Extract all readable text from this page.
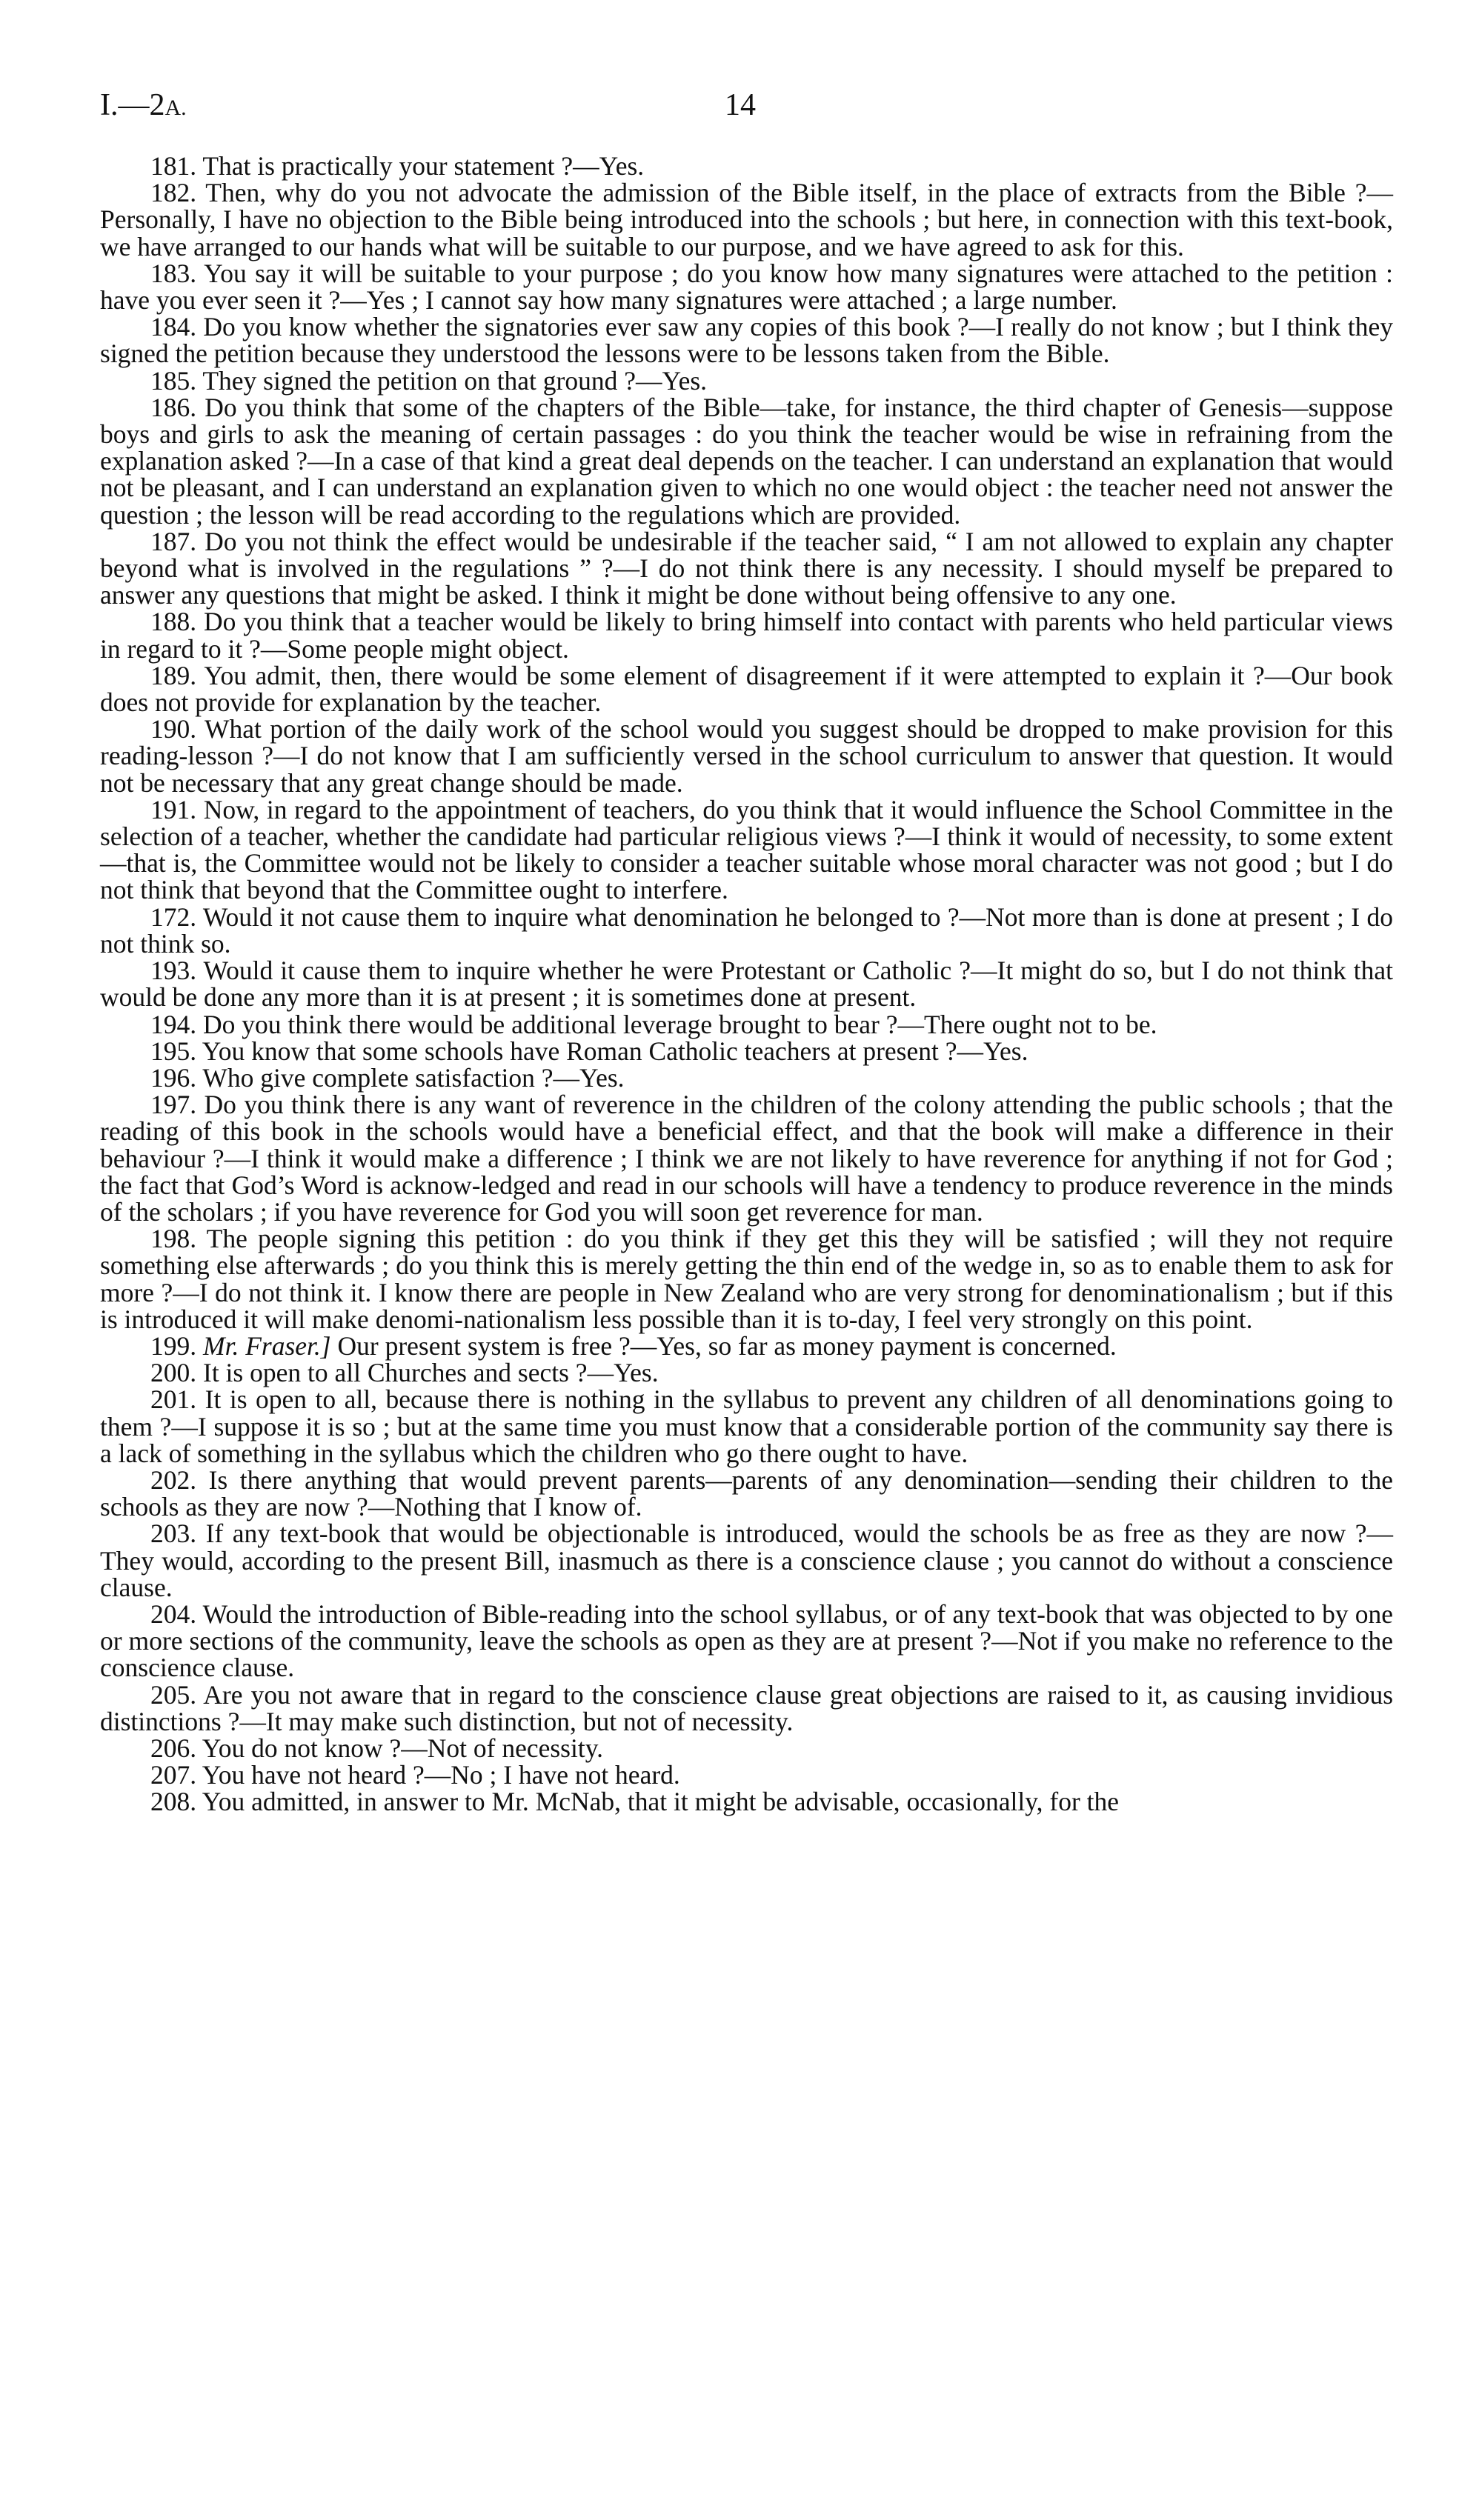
I.—2A.	14

181. That is practically your statement ?—Yes.

182. Then, why do you not advocate the admission of the Bible itself, in the place of extracts from the Bible ?—Personally, I have no objection to the Bible being introduced into the schools ; but here, in connection with this text-book, we have arranged to our hands what will be suitable to our purpose, and we have agreed to ask for this.

183. You say it will be suitable to your purpose ; do you know how many signatures were attached to the petition : have you ever seen it ?—Yes ; I cannot say how many signatures were attached ; a large number.

184. Do you know whether the signatories ever saw any copies of this book ?—I really do not know ; but I think they signed the petition because they understood the lessons were to be lessons taken from the Bible.

185. They signed the petition on that ground ?—Yes.

186. Do you think that some of the chapters of the Bible—take, for instance, the third chapter of Genesis—suppose boys and girls to ask the meaning of certain passages : do you think the teacher would be wise in refraining from the explanation asked ?—In a case of that kind a great deal depends on the teacher. I can understand an explanation that would not be pleasant, and I can understand an explanation given to which no one would object : the teacher need not answer the question ; the lesson will be read according to the regulations which are provided.

187. Do you not think the effect would be undesirable if the teacher said, “ I am not allowed to explain any chapter beyond what is involved in the regulations ” ?—I do not think there is any necessity. I should myself be prepared to answer any questions that might be asked. I think it might be done without being offensive to any one.

188. Do you think that a teacher would be likely to bring himself into contact with parents who held particular views in regard to it ?—Some people might object.

189. You admit, then, there would be some element of disagreement if it were attempted to explain it ?—Our book does not provide for explanation by the teacher.

190. What portion of the daily work of the school would you suggest should be dropped to make provision for this reading-lesson ?—I do not know that I am sufficiently versed in the school curriculum to answer that question. It would not be necessary that any great change should be made.

191. Now, in regard to the appointment of teachers, do you think that it would influence the School Committee in the selection of a teacher, whether the candidate had particular religious views ?—I think it would of necessity, to some extent—that is, the Committee would not be likely to consider a teacher suitable whose moral character was not good ; but I do not think that beyond that the Committee ought to interfere.

172. Would it not cause them to inquire what denomination he belonged to ?—Not more than is done at present ; I do not think so.

193. Would it cause them to inquire whether he were Protestant or Catholic ?—It might do so, but I do not think that would be done any more than it is at present ; it is sometimes done at present.

194. Do you think there would be additional leverage brought to bear ?—There ought not to be.

195. You know that some schools have Roman Catholic teachers at present ?—Yes.

196. Who give complete satisfaction ?—Yes.

197. Do you think there is any want of reverence in the children of the colony attending the public schools ; that the reading of this book in the schools would have a beneficial effect, and that the book will make a difference in their behaviour ?—I think it would make a difference ; I think we are not likely to have reverence for anything if not for God ; the fact that God’s Word is acknow-ledged and read in our schools will have a tendency to produce reverence in the minds of the scholars ; if you have reverence for God you will soon get reverence for man.

198. The people signing this petition : do you think if they get this they will be satisfied ; will they not require something else afterwards ; do you think this is merely getting the thin end of the wedge in, so as to enable them to ask for more ?—I do not think it. I know there are people in New Zealand who are very strong for denominationalism ; but if this is introduced it will make denomi-nationalism less possible than it is to-day, I feel very strongly on this point.

199. Mr. Fraser.] Our present system is free ?—Yes, so far as money payment is concerned.

200. It is open to all Churches and sects ?—Yes.

201. It is open to all, because there is nothing in the syllabus to prevent any children of all denominations going to them ?—I suppose it is so ; but at the same time you must know that a considerable portion of the community say there is a lack of something in the syllabus which the children who go there ought to have.

202. Is there anything that would prevent parents—parents of any denomination—sending their children to the schools as they are now ?—Nothing that I know of.

203. If any text-book that would be objectionable is introduced, would the schools be as free as they are now ?—They would, according to the present Bill, inasmuch as there is a conscience clause ; you cannot do without a conscience clause.

204. Would the introduction of Bible-reading into the school syllabus, or of any text-book that was objected to by one or more sections of the community, leave the schools as open as they are at present ?—Not if you make no reference to the conscience clause.

205. Are you not aware that in regard to the conscience clause great objections are raised to it, as causing invidious distinctions ?—It may make such distinction, but not of necessity.

206. You do not know ?—Not of necessity.

207. You have not heard ?—No ; I have not heard.

208. You admitted, in answer to Mr. McNab, that it might be advisable, occasionally, for the
